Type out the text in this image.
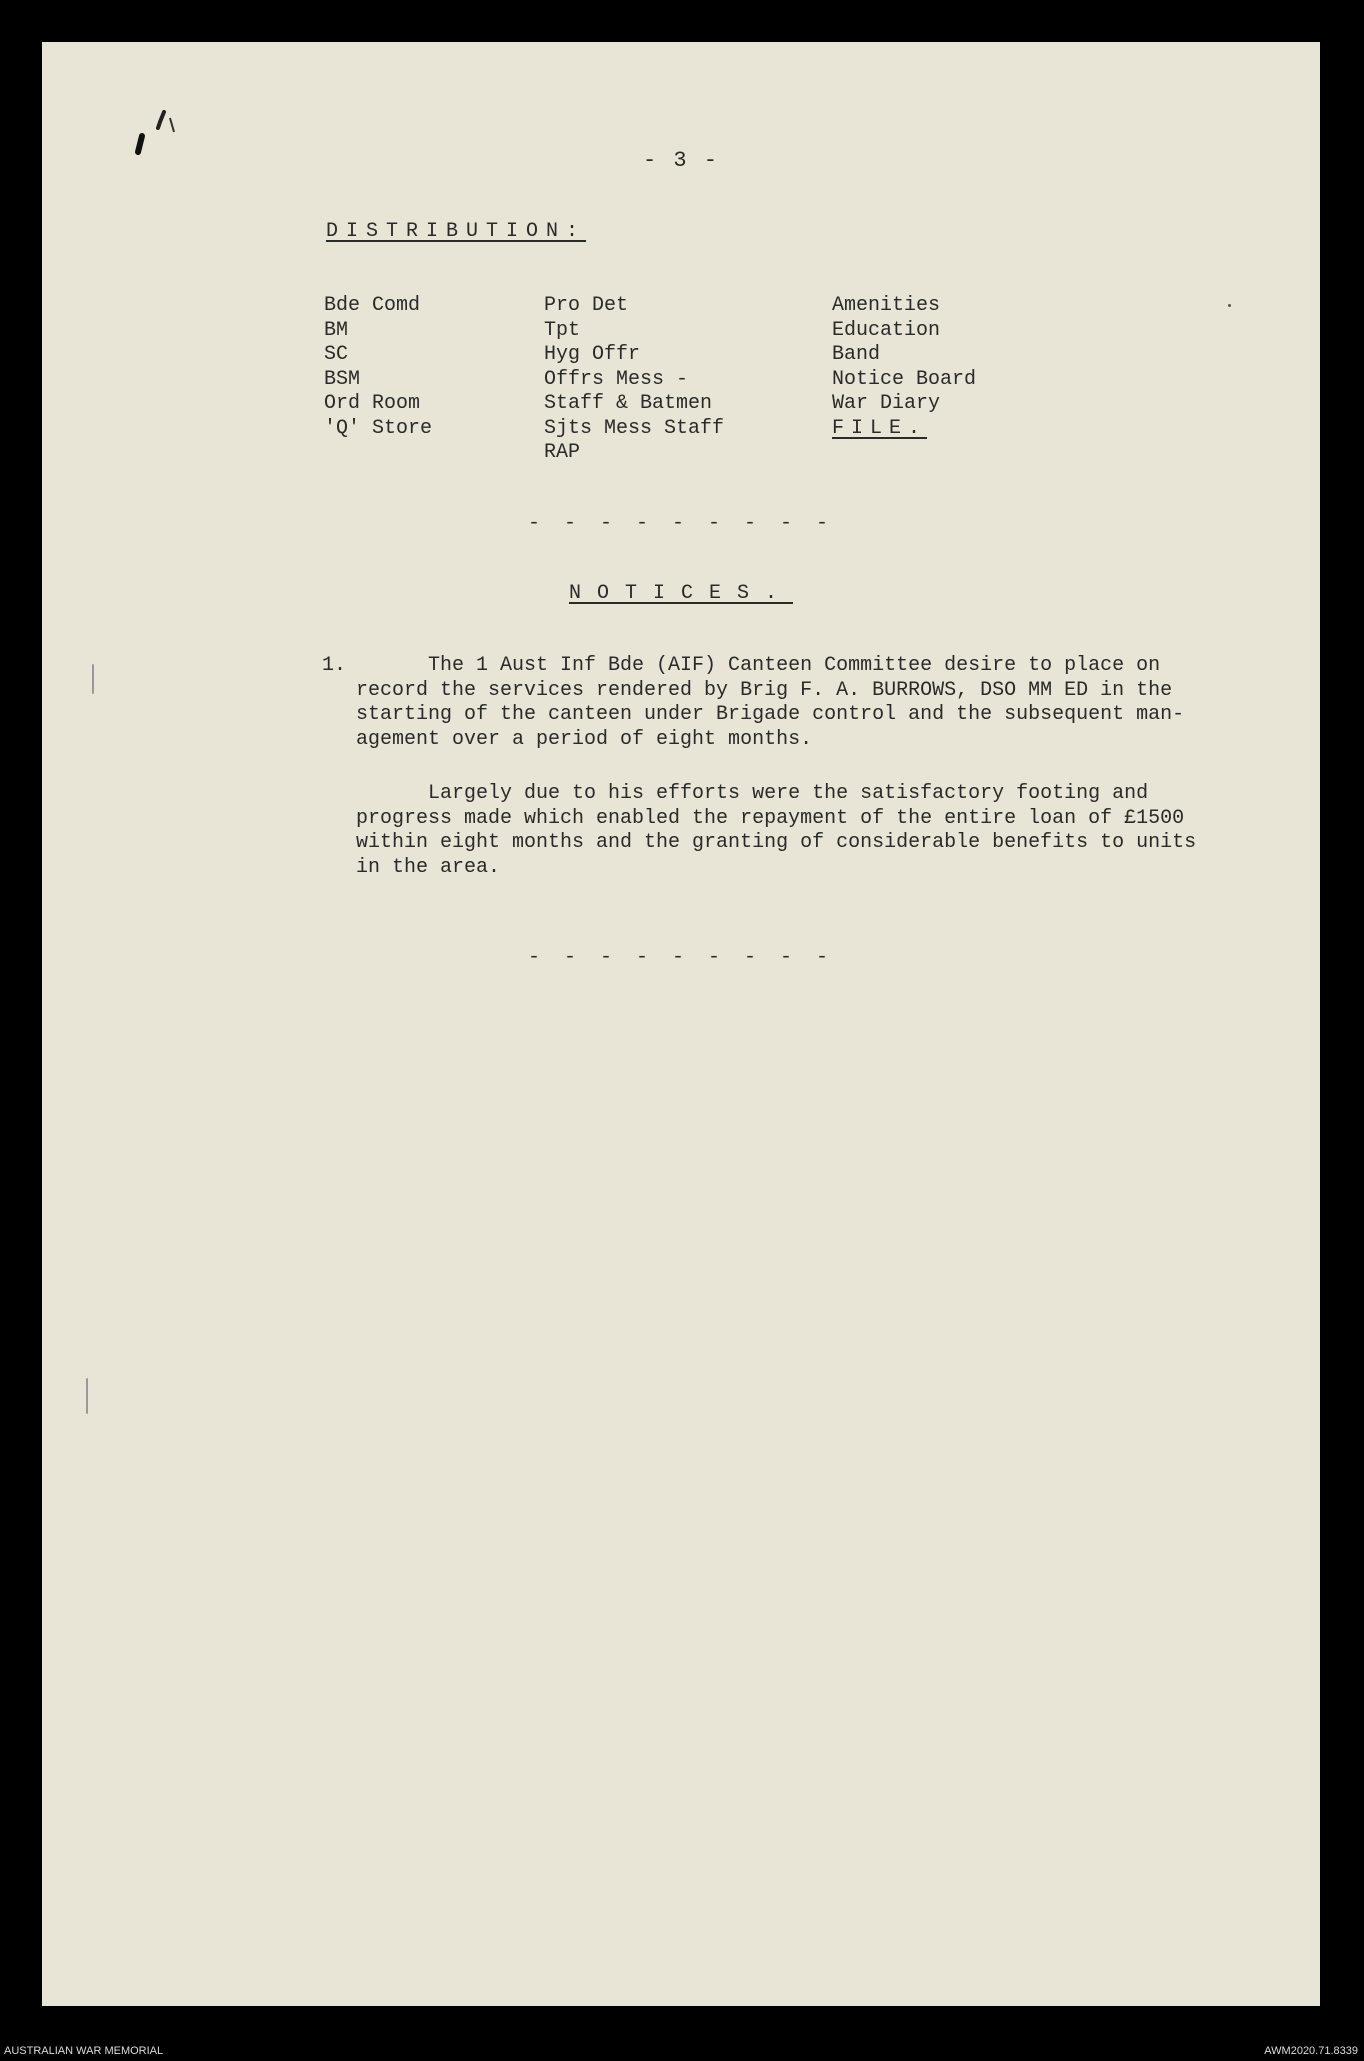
- 3 -
DISTRIBUTION:
Bde Comd
BM
SC
BSM
Ord Room
'Q' Store
Pro Det
Tpt
Hyg Offr
Offrs Mess -
Staff & Batmen
Sjts Mess Staff
RAP
Amenities
Education
Band
Notice Board
War Diary
FILE.
- - - - - - - - -
NOTICES.
1.	The 1 Aust Inf Bde (AIF) Canteen Committee desire to place on
record the services rendered by Brig F. A. BURROWS, DSO MM ED in the
starting of the canteen under Brigade control and the subsequent man-
agement over a period of eight months.
Largely due to his efforts were the satisfactory footing and
progress made which enabled the repayment of the entire loan of £1500
within eight months and the granting of considerable benefits to units
in the area.
- - - - - - - - -
AUSTRALIAN WAR MEMORIAL	AWM2020.71.8339
